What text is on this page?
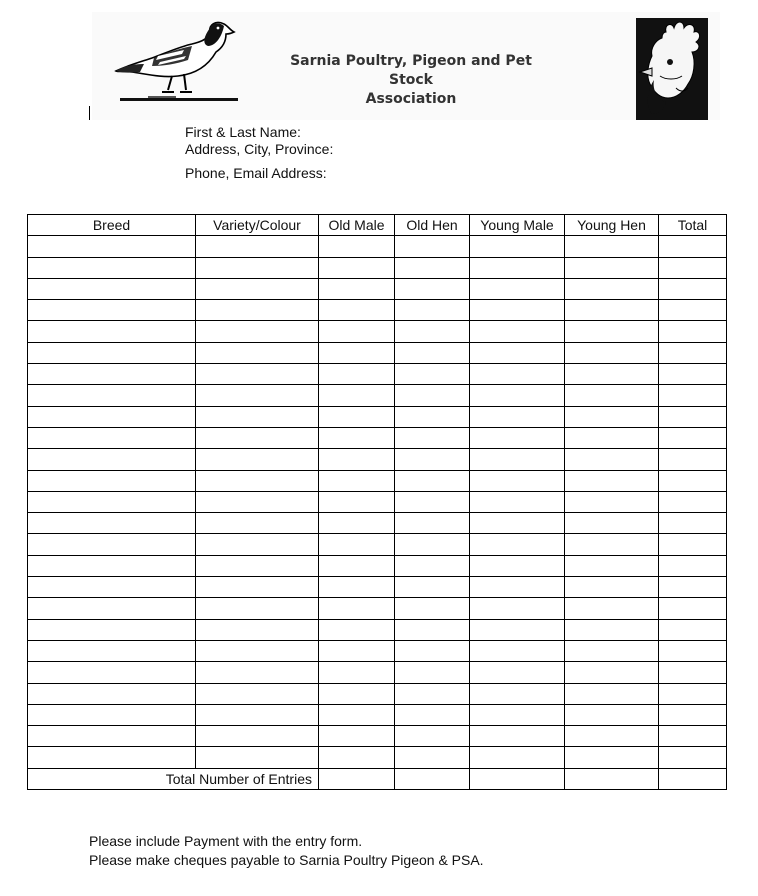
Sarnia Poultry, Pigeon and Pet Stock
Association
First & Last Name:
Address, City, Province:
Phone, Email Address:
Breed	Variety/Colour	Old Male	Old Hen	Young Male	Young Hen	Total

Total Number of Entries						
Please include Payment with the entry form.
Please make cheques payable to Sarnia Poultry Pigeon & PSA.
